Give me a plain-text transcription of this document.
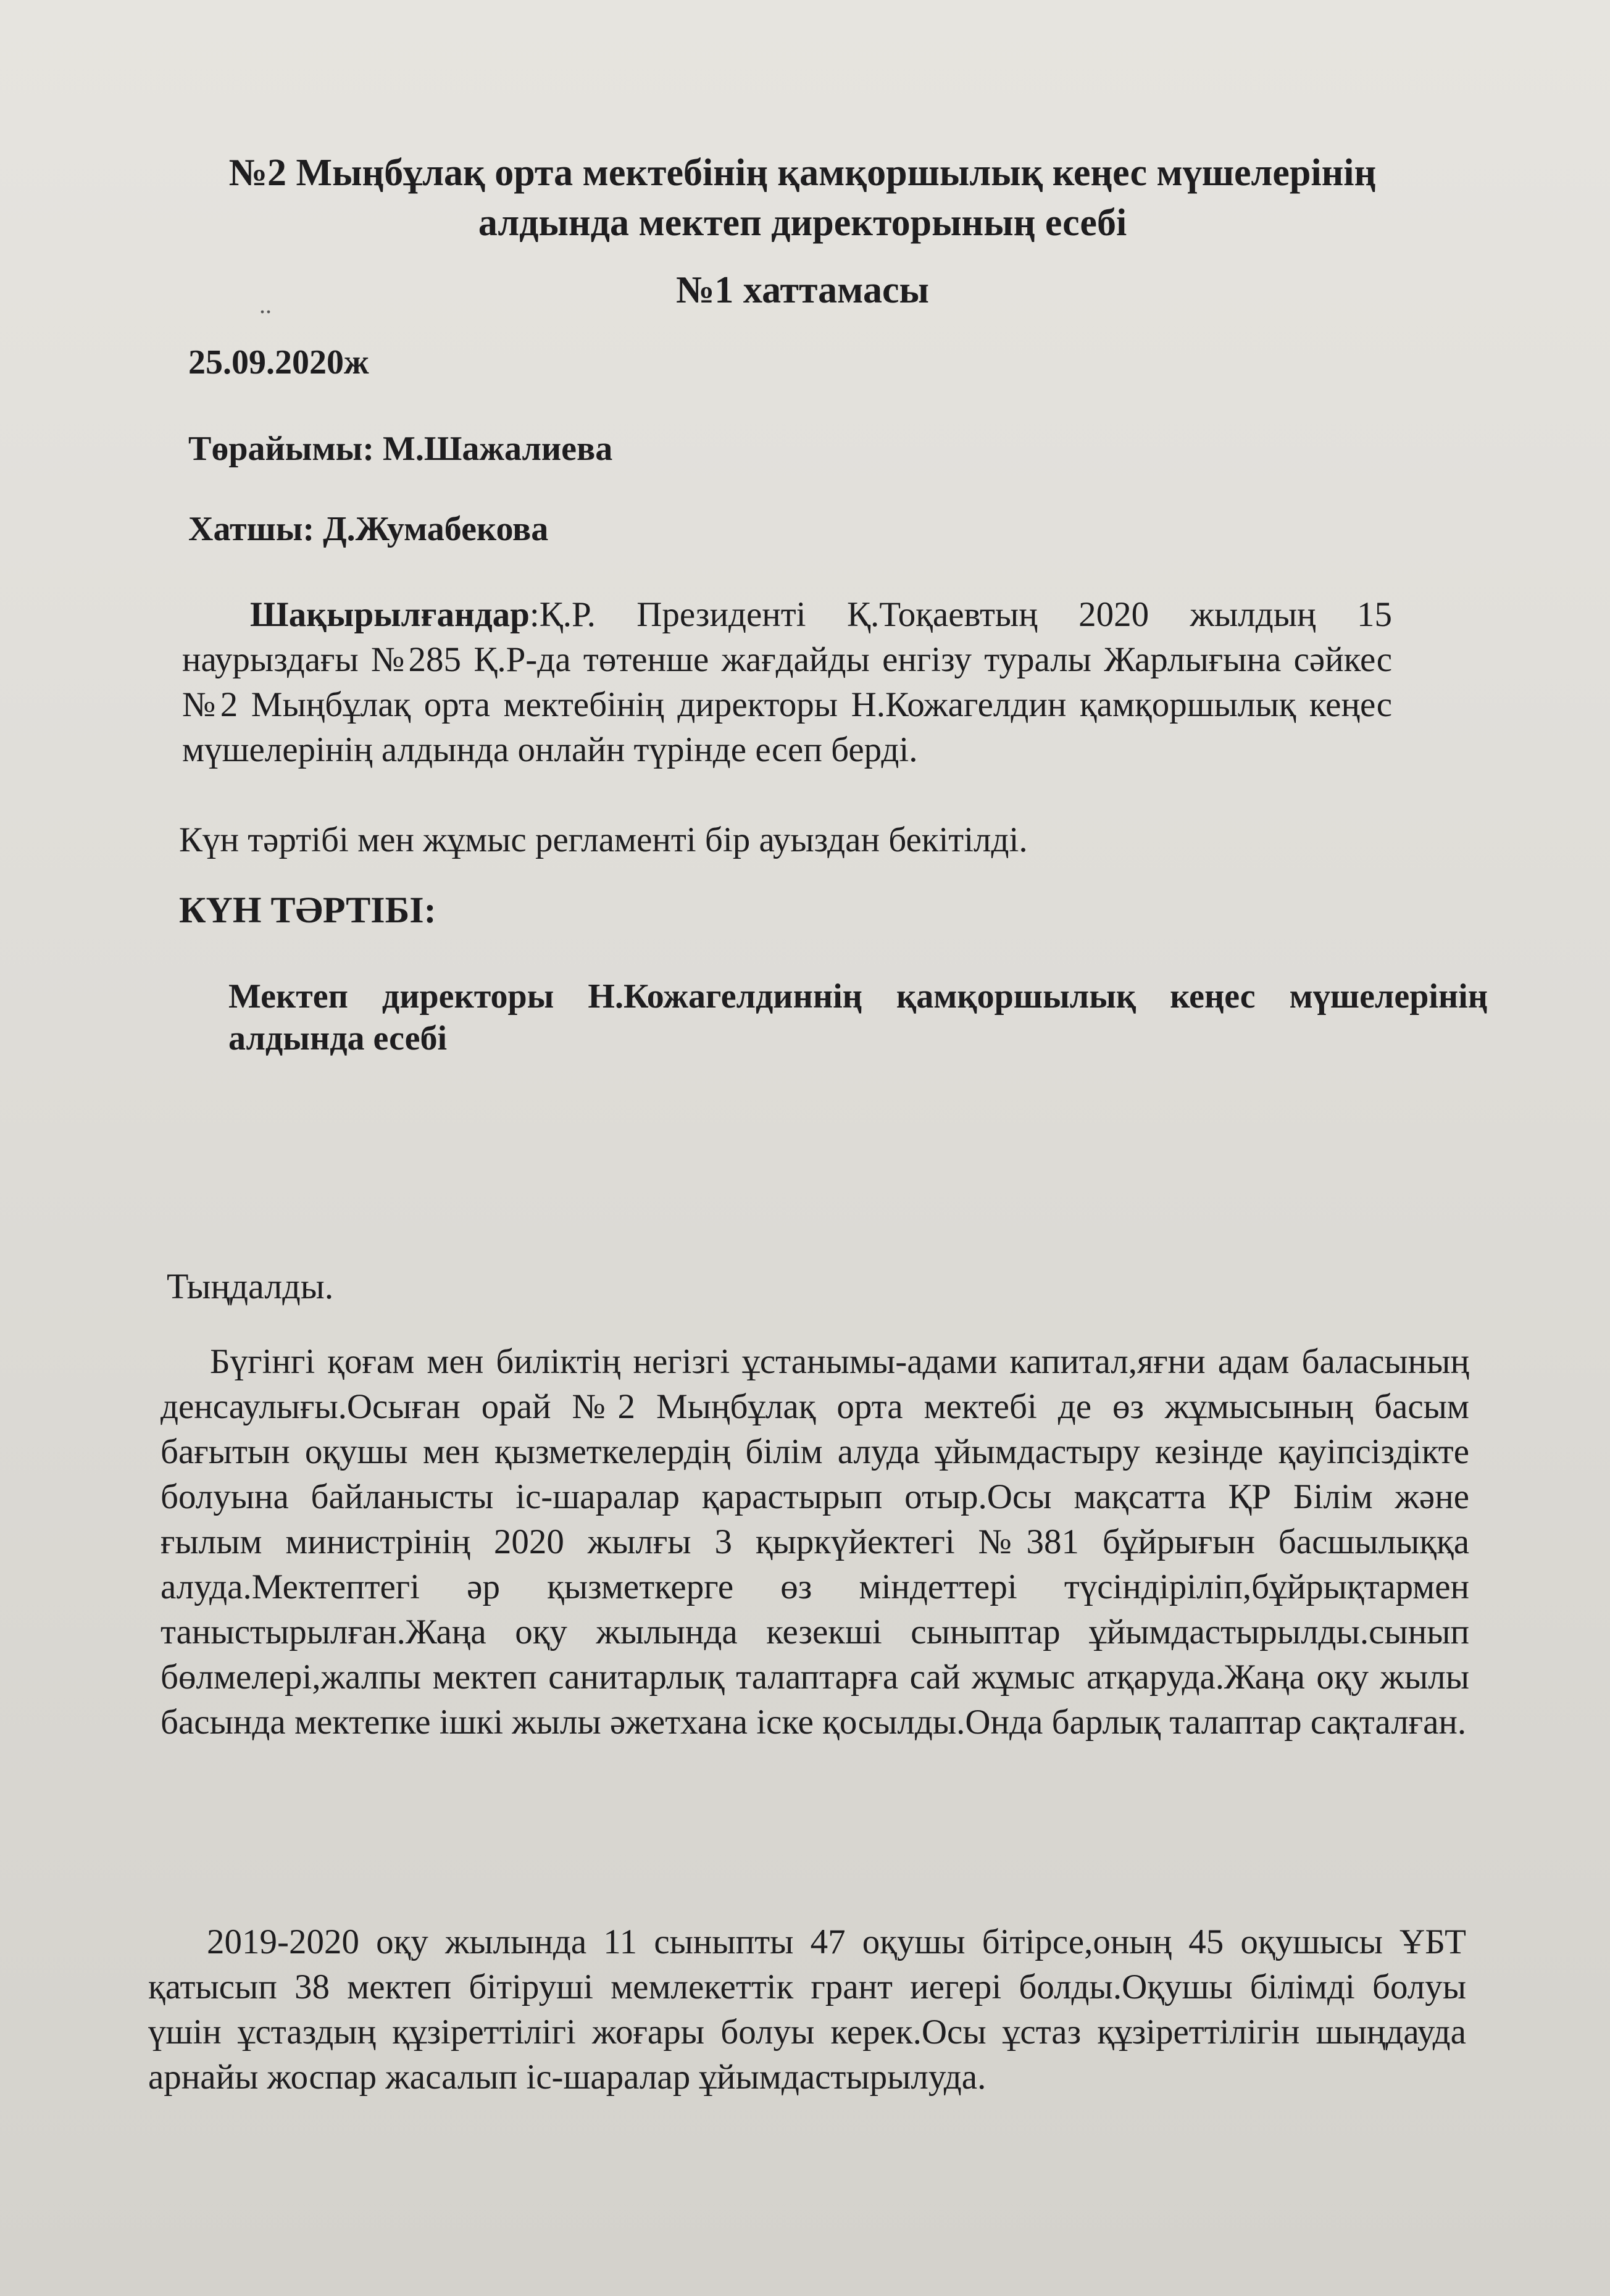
№2 Мыңбұлақ орта мектебінің қамқоршылық кеңес мүшелерінің алдында мектеп директорының есебі

..	№1 хаттамасы

25.09.2020ж

Төрайымы: М.Шажалиева

Хатшы: Д.Жумабекова

Шақырылғандар:Қ.Р. Президенті Қ.Тоқаевтың 2020 жылдың 15 наурыздағы №285 Қ.Р-да төтенше жағдайды енгізу туралы Жарлығына сәйкес №2 Мыңбұлақ орта мектебінің директоры Н.Кожагелдин қамқоршылық кеңес мүшелерінің алдында онлайн түрінде есеп берді.

Күн тәртібі мен жұмыс регламенті бір ауыздан бекітілді.

КҮН ТӘРТІБІ:

Мектеп директоры Н.Кожагелдиннің қамқоршылық кеңес мүшелерінің алдында есебі

Тыңдалды.

Бүгінгі қоғам мен биліктің негізгі ұстанымы-адами капитал,яғни адам баласының денсаулығы.Осыған орай №2 Мыңбұлақ орта мектебі де өз жұмысының басым бағытын оқушы мен қызметкелердің білім алуда ұйымдастыру кезінде қауіпсіздікте болуына байланысты іс-шаралар қарастырып отыр.Осы мақсатта ҚР Білім және ғылым министрінің 2020 жылғы 3 қыркүйектегі №381 бұйрығын басшылыққа алуда.Мектептегі әр қызметкерге өз міндеттері түсіндіріліп,бұйрықтармен таныстырылған.Жаңа оқу жылында кезекші сыныптар ұйымдастырылды.сынып бөлмелері,жалпы мектеп санитарлық талаптарға сай жұмыс атқаруда.Жаңа оқу жылы басында мектепке ішкі жылы әжетхана іске қосылды.Онда барлық талаптар сақталған.

2019-2020 оқу жылында 11 сыныпты 47 оқушы бітірсе,оның 45 оқушысы ҰБТ қатысып 38 мектеп бітіруші мемлекеттік грант иегері болды.Оқушы білімді болуы үшін ұстаздың құзіреттілігі жоғары болуы керек.Осы ұстаз құзіреттілігін шыңдауда арнайы жоспар жасалып іс-шаралар ұйымдастырылуда.
